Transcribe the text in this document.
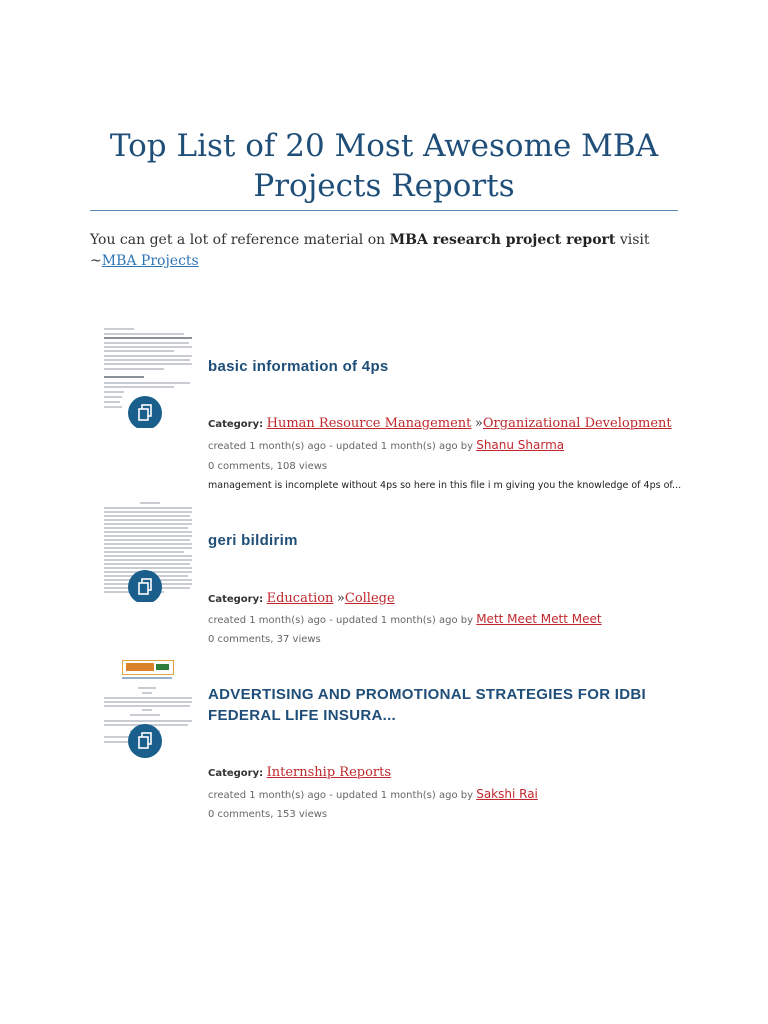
Top List of 20 Most Awesome MBA Projects Reports

You can get a lot of reference material on MBA research project report visit
~MBA Projects

basic information of 4ps
Category: Human Resource Management »Organizational Development
created 1 month(s) ago - updated 1 month(s) ago by Shanu Sharma
0 comments, 108 views
management is incomplete without 4ps so here in this file i m giving you the knowledge of 4ps of...
geri bildirim
Category: Education »College
created 1 month(s) ago - updated 1 month(s) ago by Mett Meet Mett Meet
0 comments, 37 views
ADVERTISING AND PROMOTIONAL STRATEGIES FOR IDBI FEDERAL LIFE INSURA...
Category: Internship Reports
created 1 month(s) ago - updated 1 month(s) ago by Sakshi Rai
0 comments, 153 views
